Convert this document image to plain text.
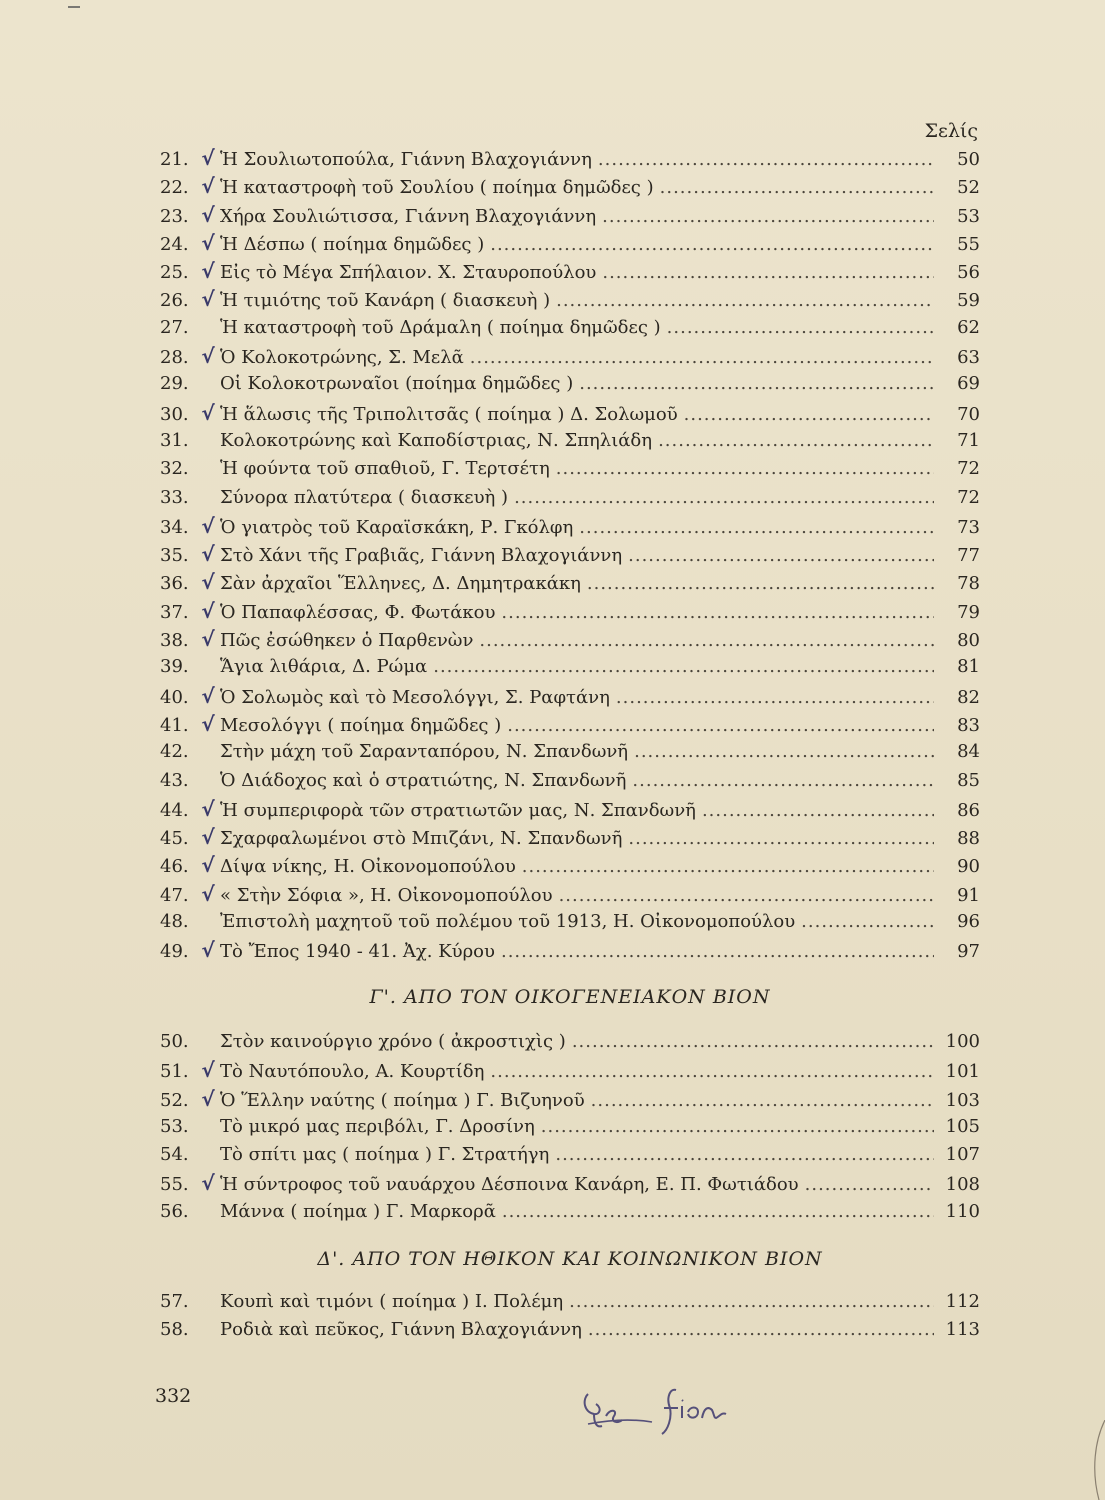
Σελίς
21. √ Ἡ Σουλιωτοπούλα, Γιάννη Βλαχογιάννη .....	50
22. √ Ἡ καταστροφὴ τοῦ Σουλίου ( ποίημα δημῶδες ) .....	52
23. √ Χήρα Σουλιώτισσα, Γιάννη Βλαχογιάννη .....	53
24. √ Ἡ Δέσπω ( ποίημα δημῶδες ) .....	55
25. √ Εἰς τὸ Μέγα Σπήλαιον. Χ. Σταυροπούλου .....	56
26. √ Ἡ τιμιότης τοῦ Κανάρη ( διασκευὴ ) .....	59
27.	Ἡ καταστροφὴ τοῦ Δράμαλη ( ποίημα δημῶδες ) .....	62
28. √ Ὁ Κολοκοτρώνης, Σ. Μελᾶ .....	63
29.	Οἱ Κολοκοτρωναῖοι (ποίημα δημῶδες ) .....	69
30. √ Ἡ ἅλωσις τῆς Τριπολιτσᾶς ( ποίημα ) Δ. Σολωμοῦ .....	70
31.	Κολοκοτρώνης καὶ Καποδίστριας, Ν. Σπηλιάδη .....	71
32.	Ἡ φούντα τοῦ σπαθιοῦ, Γ. Τερτσέτη .....	72
33.	Σύνορα πλατύτερα ( διασκευὴ ) .....	72
34. √ Ὁ γιατρὸς τοῦ Καραϊσκάκη, Ρ. Γκόλφη .....	73
35. √ Στὸ Χάνι τῆς Γραβιᾶς, Γιάννη Βλαχογιάννη .....	77
36. √ Σὰν ἀρχαῖοι Ἕλληνες, Δ. Δημητρακάκη .....	78
37. √ Ὁ Παπαφλέσσας, Φ. Φωτάκου .....	79
38. √ Πῶς ἐσώθηκεν ὁ Παρθενὼν .....	80
39.	Ἅγια λιθάρια, Δ. Ρώμα .....	81
40. √ Ὁ Σολωμὸς καὶ τὸ Μεσολόγγι, Σ. Ραφτάνη .....	82
41. √ Μεσολόγγι ( ποίημα δημῶδες ) .....	83
42.	Στὴν μάχη τοῦ Σαρανταπόρου, Ν. Σπανδωνῆ .....	84
43.	Ὁ Διάδοχος καὶ ὁ στρατιώτης, Ν. Σπανδωνῆ .....	85
44. √ Ἡ συμπεριφορὰ τῶν στρατιωτῶν μας, Ν. Σπανδωνῆ .....	86
45. √ Σχαρφαλωμένοι στὸ Μπιζάνι, Ν. Σπανδωνῆ .....	88
46. √ Δίψα νίκης, Η. Οἰκονομοπούλου .....	90
47. √ « Στὴν Σόφια », Η. Οἰκονομοπούλου .....	91
48.	Ἐπιστολὴ μαχητοῦ τοῦ πολέμου τοῦ 1913, Η. Οἰκονομοπούλου .....	96
49. √ Τὸ Ἔπος 1940 - 41. Ἀχ. Κύρου .....	97
Γ'. ΑΠΟ ΤΟΝ ΟΙΚΟΓΕΝΕΙΑΚΟΝ ΒΙΟΝ
50.	Στὸν καινούργιο χρόνο ( ἀκροστιχὶς ) .....	100
51. √ Τὸ Ναυτόπουλο, Α. Κουρτίδη .....	101
52. √ Ὁ Ἕλλην ναύτης ( ποίημα ) Γ. Βιζυηνοῦ .....	103
53.	Τὸ μικρό μας περιβόλι, Γ. Δροσίνη .....	105
54.	Τὸ σπίτι μας ( ποίημα ) Γ. Στρατήγη .....	107
55. √ Ἡ σύντροφος τοῦ ναυάρχου Δέσποινα Κανάρη, Ε. Π. Φωτιάδου .....	108
56.	Μάννα ( ποίημα ) Γ. Μαρκορᾶ .....	110
Δ'. ΑΠΟ ΤΟΝ ΗΘΙΚΟΝ ΚΑΙ ΚΟΙΝΩΝΙΚΟΝ ΒΙΟΝ
57.	Κουπὶ καὶ τιμόνι ( ποίημα ) Ι. Πολέμη .....	112
58.	Ροδιὰ καὶ πεῦκος, Γιάννη Βλαχογιάννη .....	113
332
